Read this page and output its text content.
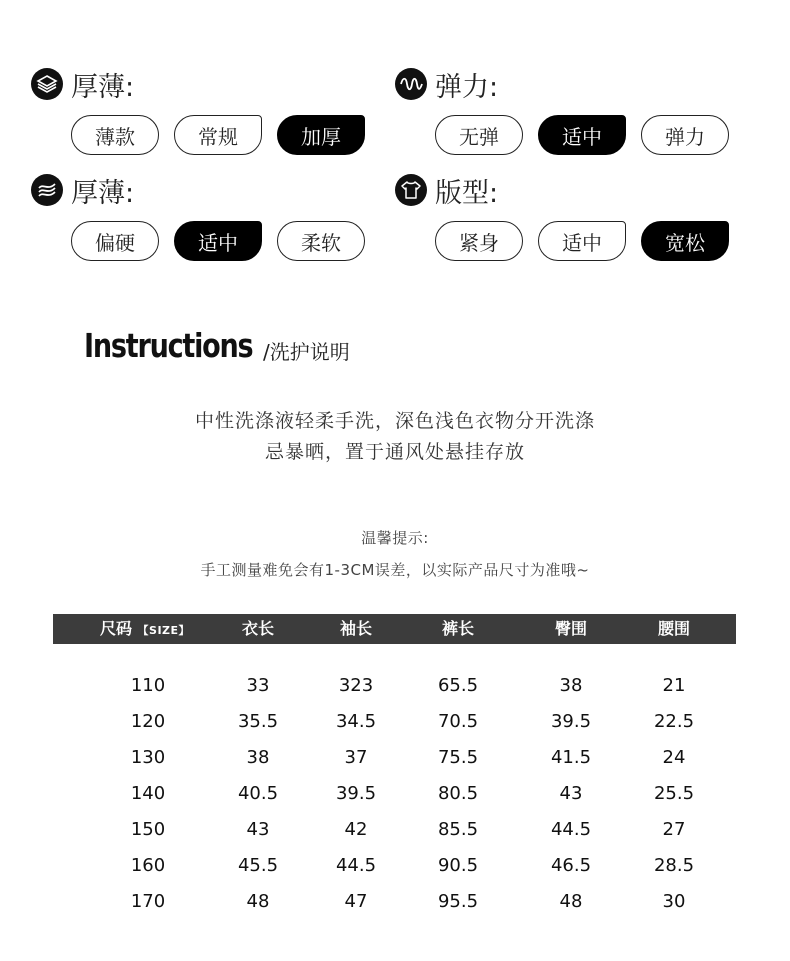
厚薄:
薄款	常规	加厚
弹力:
无弹	适中	弹力
厚薄:
偏硬	适中	柔软
版型:
紧身	适中	宽松
Instructions /洗护说明
中性洗涤液轻柔手洗，深色浅色衣物分开洗涤
忌暴晒，置于通风处悬挂存放
温馨提示:
手工测量难免会有1-3CM误差，以实际产品尺寸为准哦~
尺码 【SIZE】	衣长	袖长	裤长	臀围	腰围
110	33	323	65.5	38	21
120	35.5	34.5	70.5	39.5	22.5
130	38	37	75.5	41.5	24
140	40.5	39.5	80.5	43	25.5
150	43	42	85.5	44.5	27
160	45.5	44.5	90.5	46.5	28.5
170	48	47	95.5	48	30
